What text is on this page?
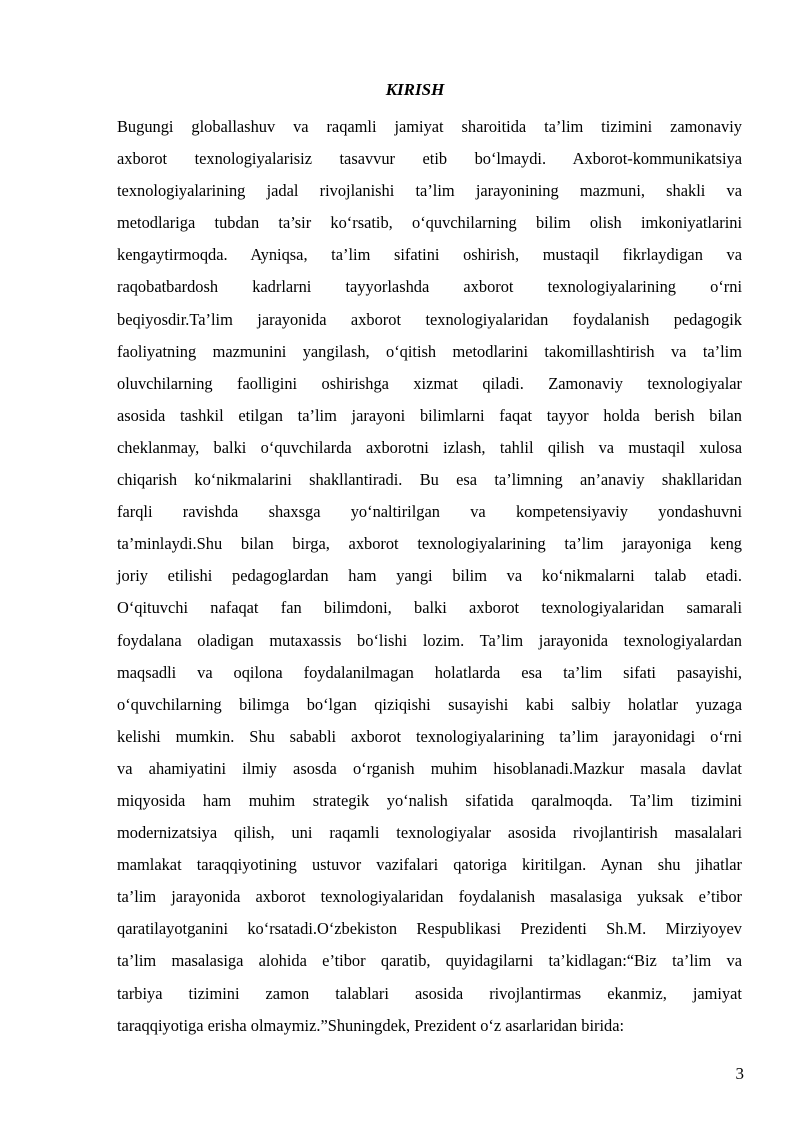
KIRISH
Bugungi globallashuv va raqamli jamiyat sharoitida ta’lim tizimini zamonaviy
axborot texnologiyalarisiz tasavvur etib bo‘lmaydi. Axborot-kommunikatsiya
texnologiyalarining jadal rivojlanishi ta’lim jarayonining mazmuni, shakli va
metodlariga tubdan ta’sir ko‘rsatib, o‘quvchilarning bilim olish imkoniyatlarini
kengaytirmoqda. Ayniqsa, ta’lim sifatini oshirish, mustaqil fikrlaydigan va
raqobatbardosh kadrlarni tayyorlashda axborot texnologiyalarining o‘rni
beqiyosdir.Ta’lim jarayonida axborot texnologiyalaridan foydalanish pedagogik
faoliyatning mazmunini yangilash, o‘qitish metodlarini takomillashtirish va ta’lim
oluvchilarning faolligini oshirishga xizmat qiladi. Zamonaviy texnologiyalar
asosida tashkil etilgan ta’lim jarayoni bilimlarni faqat tayyor holda berish bilan
cheklanmay, balki o‘quvchilarda axborotni izlash, tahlil qilish va mustaqil xulosa
chiqarish ko‘nikmalarini shakllantiradi. Bu esa ta’limning an’anaviy shakllaridan
farqli ravishda shaxsga yo‘naltirilgan va kompetensiyaviy yondashuvni
ta’minlaydi.Shu bilan birga, axborot texnologiyalarining ta’lim jarayoniga keng
joriy etilishi pedagoglardan ham yangi bilim va ko‘nikmalarni talab etadi.
O‘qituvchi nafaqat fan bilimdoni, balki axborot texnologiyalaridan samarali
foydalana oladigan mutaxassis bo‘lishi lozim. Ta’lim jarayonida texnologiyalardan
maqsadli va oqilona foydalanilmagan holatlarda esa ta’lim sifati pasayishi,
o‘quvchilarning bilimga bo‘lgan qiziqishi susayishi kabi salbiy holatlar yuzaga
kelishi mumkin. Shu sababli axborot texnologiyalarining ta’lim jarayonidagi o‘rni
va ahamiyatini ilmiy asosda o‘rganish muhim hisoblanadi.Mazkur masala davlat
miqyosida ham muhim strategik yo‘nalish sifatida qaralmoqda. Ta’lim tizimini
modernizatsiya qilish, uni raqamli texnologiyalar asosida rivojlantirish masalalari
mamlakat taraqqiyotining ustuvor vazifalari qatoriga kiritilgan. Aynan shu jihatlar
ta’lim jarayonida axborot texnologiyalaridan foydalanish masalasiga yuksak e’tibor
qaratilayotganini ko‘rsatadi.O‘zbekiston Respublikasi Prezidenti Sh.M. Mirziyoyev
ta’lim masalasiga alohida e’tibor qaratib, quyidagilarni ta’kidlagan:“Biz ta’lim va
tarbiya tizimini zamon talablari asosida rivojlantirmas ekanmiz, jamiyat
taraqqiyotiga erisha olmaymiz.”Shuningdek, Prezident o‘z asarlaridan birida:
3
